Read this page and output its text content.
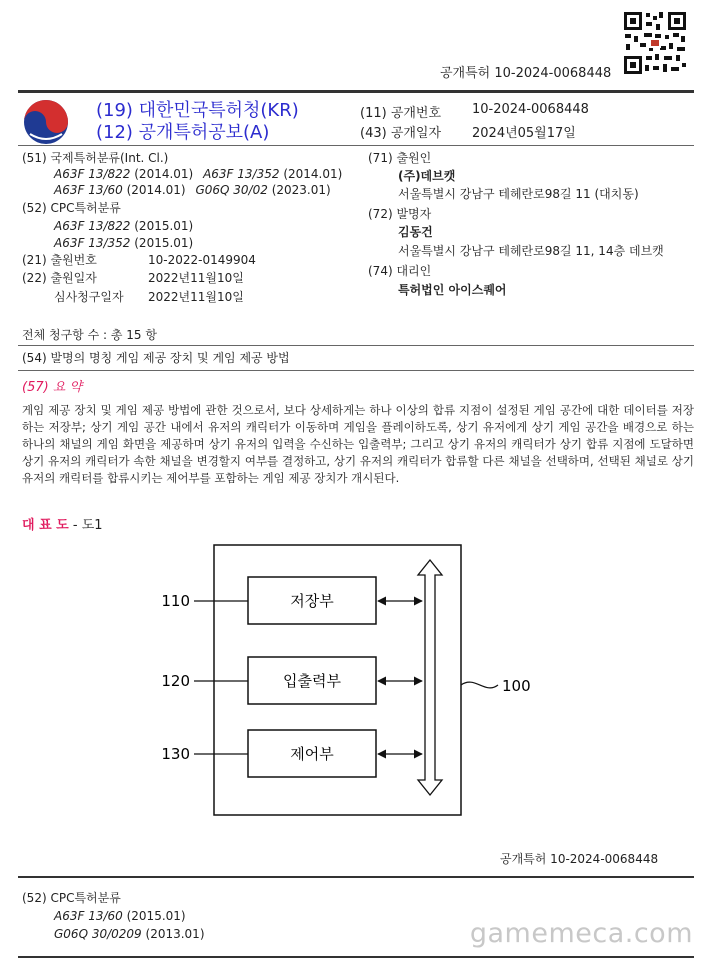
공개특허 10-2024-0068448
(19) 대한민국특허청(KR)
(12) 공개특허공보(A)
(11) 공개번호 10-2024-0068448
(43) 공개일자 2024년05월17일
(51) 국제특허분류(Int. Cl.)
A63F 13/822 (2014.01) A63F 13/352 (2014.01)
A63F 13/60 (2014.01) G06Q 30/02 (2023.01)
(52) CPC특허분류
A63F 13/822 (2015.01)
A63F 13/352 (2015.01)
(21) 출원번호	10-2022-0149904
(22) 출원일자	2022년11월10일
심사청구일자 2022년11월10일
(71) 출원인
(주)데브캣
서울특별시 강남구 테헤란로98길 11 (대치동)
(72) 발명자
김동건
서울특별시 강남구 테헤란로98길 11, 14층 데브캣
(74) 대리인
특허법인 아이스퀘어
전체 청구항 수 : 총 15 항
(54) 발명의 명칭 게임 제공 장치 및 게임 제공 방법
(57) 요 약
게임 제공 장치 및 게임 제공 방법에 관한 것으로서, 보다 상세하게는 하나 이상의 합류 지점이 설정된 게임 공간에 대한 데이터를 저장하는 저장부; 상기 게임 공간 내에서 유저의 캐릭터가 이동하며 게임을 플레이하도록, 상기 유저에게 상기 게임 공간을 배경으로 하는 하나의 채널의 게임 화면을 제공하며 상기 유저의 입력을 수신하는 입출력부; 그리고 상기 유저의 캐릭터가 상기 합류 지점에 도달하면 상기 유저의 캐릭터가 속한 채널을 변경할지 여부를 결정하고, 상기 유저의 캐릭터가 합류할 다른 채널을 선택하며, 선택된 채널로 상기 유저의 캐릭터를 합류시키는 제어부를 포함하는 게임 제공 장치가 개시된다.
대 표 도 - 도1
저장부
입출력부
제어부
110
120
130
100
공개특허 10-2024-0068448
(52) CPC특허분류
A63F 13/60 (2015.01)
G06Q 30/0209 (2013.01)	gamemeca.com
